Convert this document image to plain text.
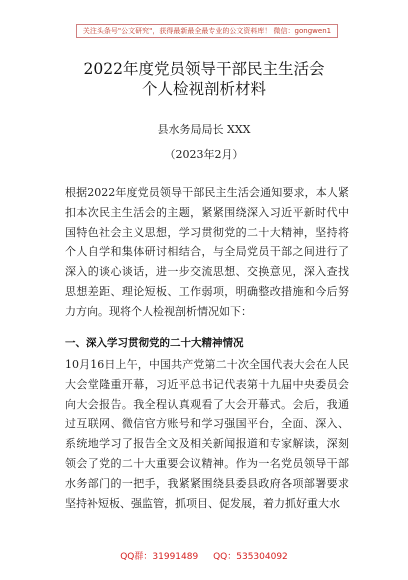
关注头条号"公文研究"，获得最新最全最专业的公文资料库！ 微信：gongwen1
2022年度党员领导干部民主生活会
个人检视剖析材料
县水务局局长 XXX
（2023年2月）
根据2022年度党员领导干部民主生活会通知要求，本人紧扣本次民主生活会的主题，紧紧围绕深入习近平新时代中国特色社会主义思想，学习贯彻党的二十大精神，坚持将个人自学和集体研讨相结合，与全局党员干部之间进行了深入的谈心谈话，进一步交流思想、交换意见，深入查找思想差距、理论短板、工作弱项，明确整改措施和今后努力方向。现将个人检视剖析情况如下：
一、深入学习贯彻党的二十大精神情况
10月16日上午，中国共产党第二十次全国代表大会在人民大会堂隆重开幕，习近平总书记代表第十九届中央委员会向大会报告。我全程认真观看了大会开幕式。会后，我通过互联网、微信官方账号和学习强国平台，全面、深入、系统地学习了报告全文及相关新闻报道和专家解读，深刻领会了党的二十大重要会议精神。作为一名党员领导干部水务部门的一把手，我紧紧围绕县委县政府各项部署要求坚持补短板、强监管，抓项目、促发展，着力抓好重大水
QQ群：31991489 QQ：535304092
